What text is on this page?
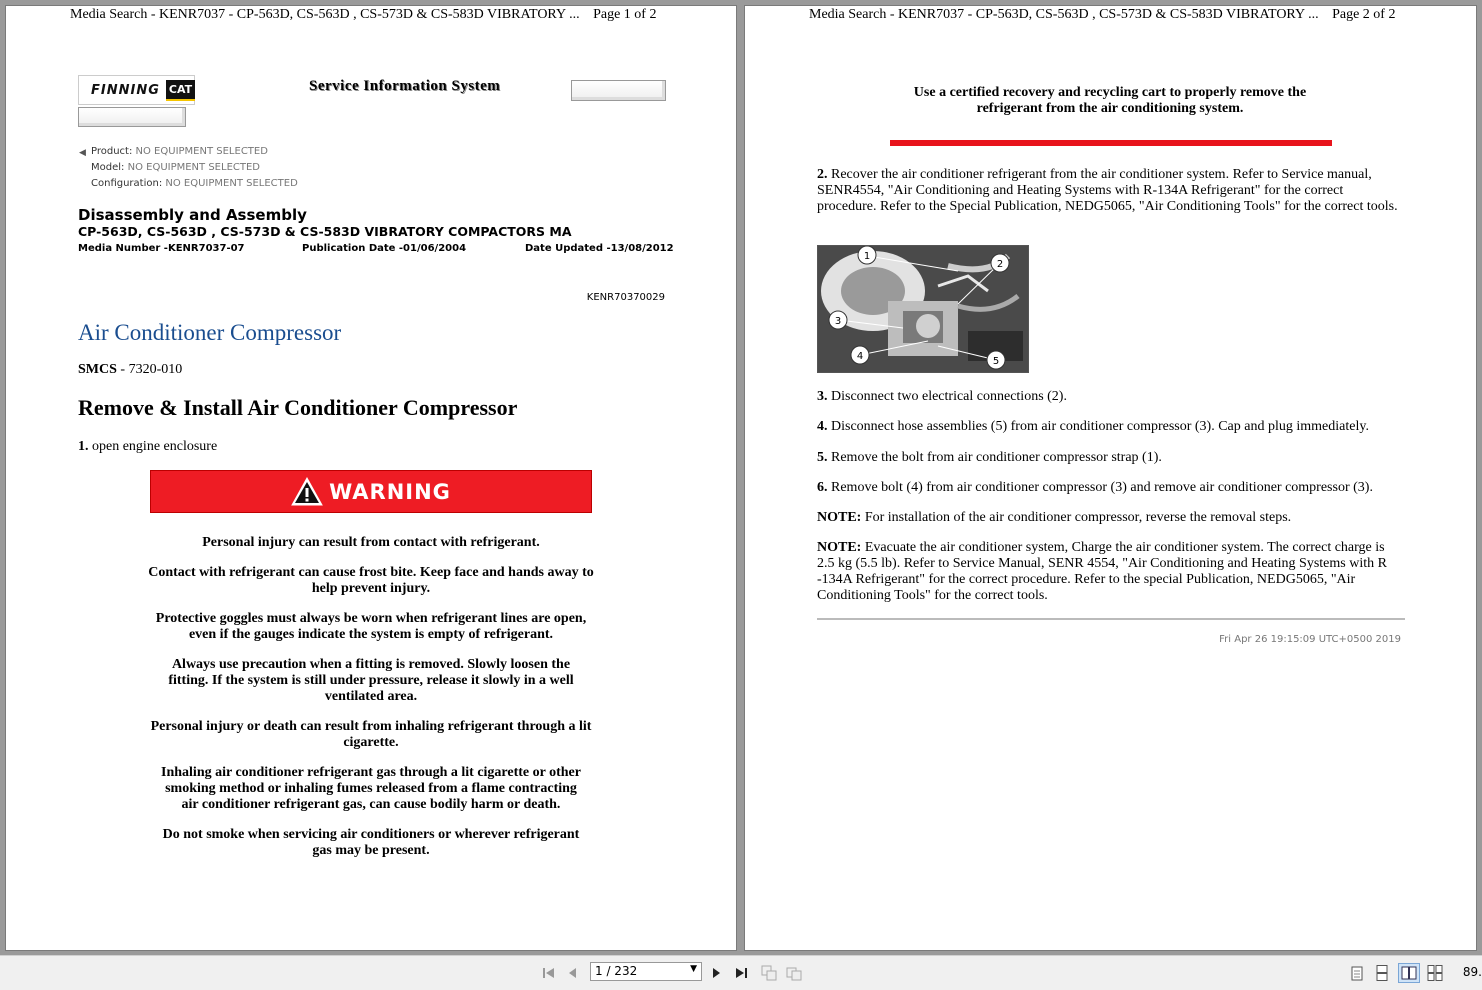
Media Search - KENR7037 - CP-563D, CS-563D , CS-573D & CS-583D VIBRATORY ... Page 1 of 2
FINNING CAT	Service Information System
◀ Product: NO EQUIPMENT SELECTED
Model: NO EQUIPMENT SELECTED
Configuration: NO EQUIPMENT SELECTED
Disassembly and Assembly
CP-563D, CS-563D , CS-573D & CS-583D VIBRATORY COMPACTORS MA
Media Number -KENR7037-07	Publication Date -01/06/2004	Date Updated -13/08/2012
KENR70370029
Air Conditioner Compressor
SMCS - 7320-010
Remove & Install Air Conditioner Compressor
1. open engine enclosure
WARNING

Personal injury can result from contact with refrigerant.

Contact with refrigerant can cause frost bite. Keep face and hands away to help prevent injury.

Protective goggles must always be worn when refrigerant lines are open, even if the gauges indicate the system is empty of refrigerant.

Always use precaution when a fitting is removed. Slowly loosen the fitting. If the system is still under pressure, release it slowly in a well ventilated area.

Personal injury or death can result from inhaling refrigerant through a lit cigarette.

Inhaling air conditioner refrigerant gas through a lit cigarette or other smoking method or inhaling fumes released from a flame contracting air conditioner refrigerant gas, can cause bodily harm or death.

Do not smoke when servicing air conditioners or wherever refrigerant gas may be present.

Media Search - KENR7037 - CP-563D, CS-563D , CS-573D & CS-583D VIBRATORY ... Page 2 of 2
Use a certified recovery and recycling cart to properly remove the refrigerant from the air conditioning system.
2. Recover the air conditioner refrigerant from the air conditioner system. Refer to Service manual, SENR4554, "Air Conditioning and Heating Systems with R-134A Refrigerant" for the correct procedure. Refer to the Special Publication, NEDG5065, "Air Conditioning Tools" for the correct tools.
1
2
3
4	5
3. Disconnect two electrical connections (2).
4. Disconnect hose assemblies (5) from air conditioner compressor (3). Cap and plug immediately.
5. Remove the bolt from air conditioner compressor strap (1).
6. Remove bolt (4) from air conditioner compressor (3) and remove air conditioner compressor (3).
NOTE: For installation of the air conditioner compressor, reverse the removal steps.
NOTE: Evacuate the air conditioner system, Charge the air conditioner system. The correct charge is 2.5 kg (5.5 lb). Refer to Service Manual, SENR 4554, "Air Conditioning and Heating Systems with R -134A Refrigerant" for the correct procedure. Refer to the special Publication, NEDG5065, "Air Conditioning Tools" for the correct tools.
Fri Apr 26 19:15:09 UTC+0500 2019
1 / 232	▼	89.
